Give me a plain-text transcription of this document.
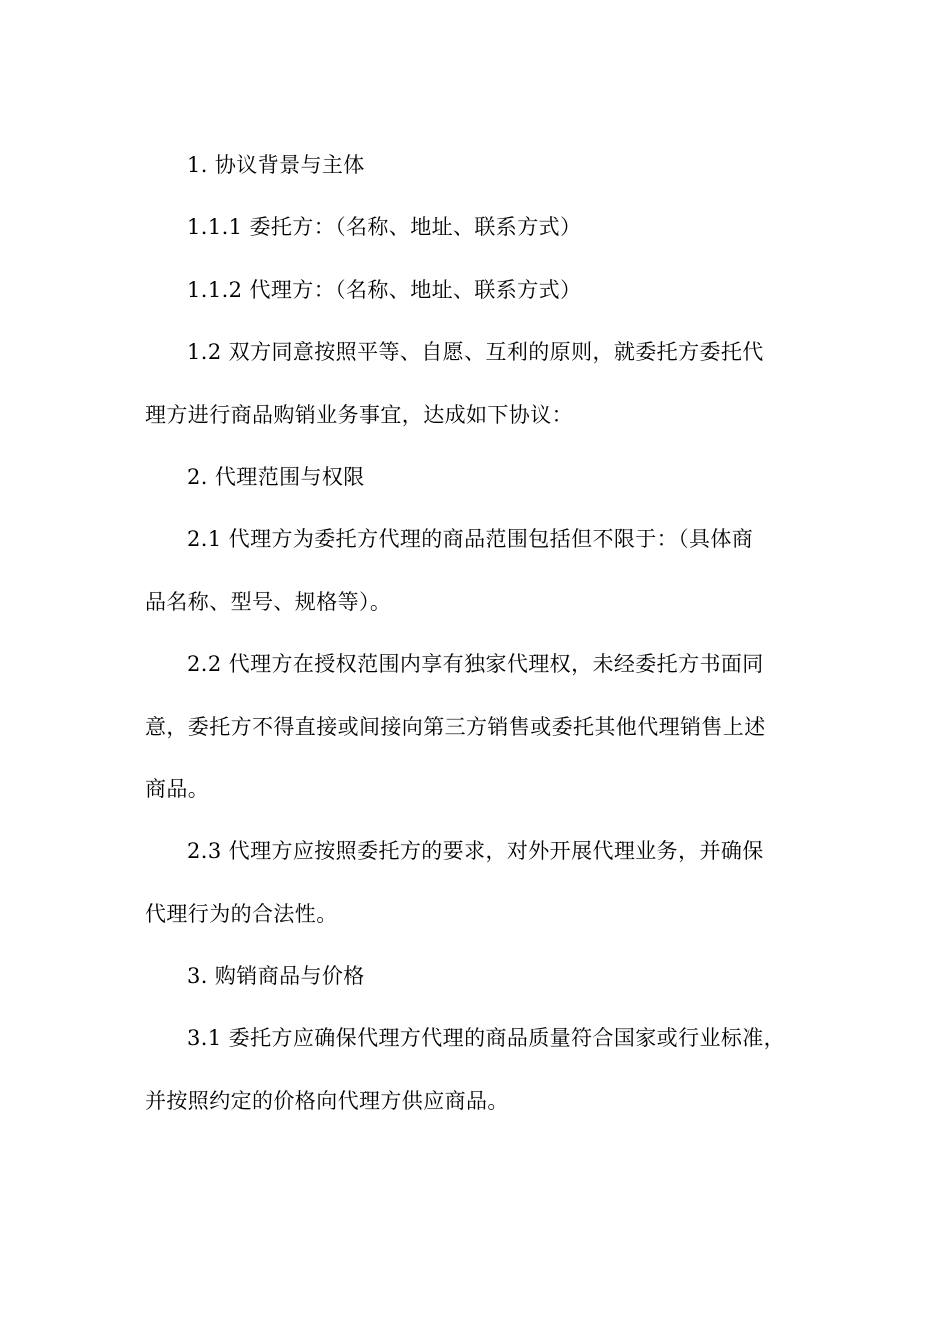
1. 协议背景与主体
1.1.1 委托方：（名称、地址、联系方式）
1.1.2 代理方：（名称、地址、联系方式）
1.2 双方同意按照平等、自愿、互利的原则，就委托方委托代
理方进行商品购销业务事宜，达成如下协议：
2. 代理范围与权限
2.1 代理方为委托方代理的商品范围包括但不限于：（具体商
品名称、型号、规格等）。
2.2 代理方在授权范围内享有独家代理权，未经委托方书面同
意，委托方不得直接或间接向第三方销售或委托其他代理销售上述
商品。
2.3 代理方应按照委托方的要求，对外开展代理业务，并确保
代理行为的合法性。
3. 购销商品与价格
3.1 委托方应确保代理方代理的商品质量符合国家或行业标准，
并按照约定的价格向代理方供应商品。
